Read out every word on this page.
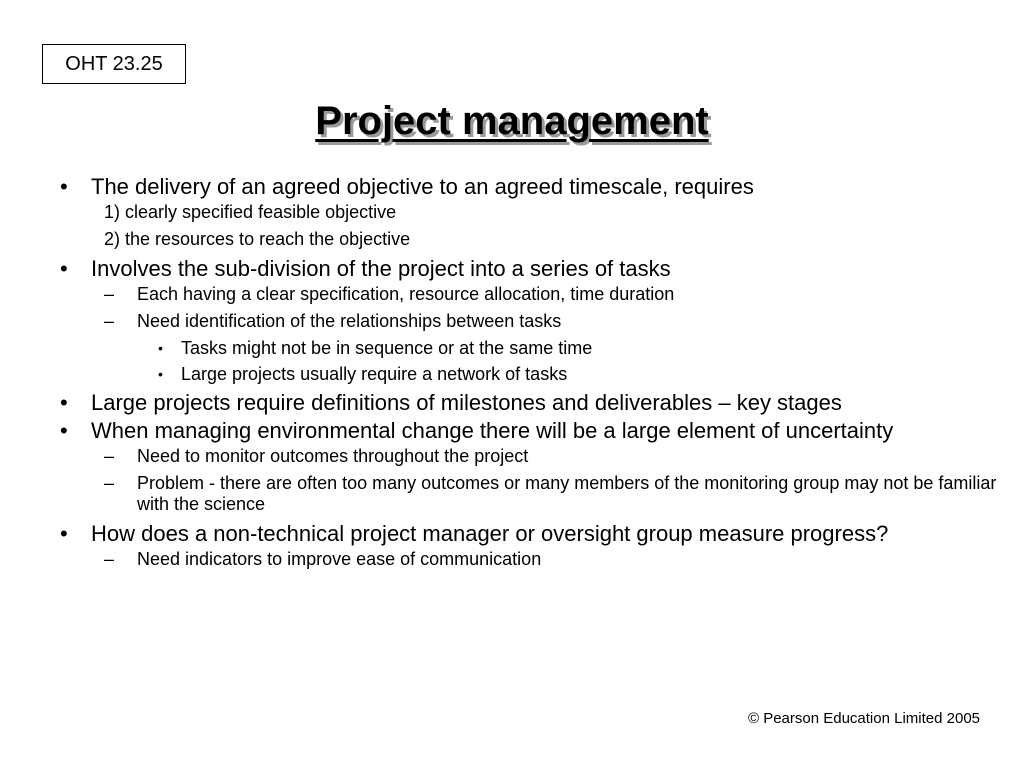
OHT 23.25
Project management
•
The delivery of an agreed objective to an agreed timescale, requires
1) clearly specified feasible objective
2) the resources to reach the objective
•
Involves the sub-division of the project into a series of tasks
–
Each having a clear specification, resource allocation, time duration
–
Need identification of the relationships between tasks
•
Tasks might not be in sequence or at the same time
•
Large projects usually require a network of tasks
•
Large projects require definitions of milestones and deliverables – key stages
•
When managing environmental change there will be a large element of uncertainty
–
Need to monitor outcomes throughout the project
–
Problem - there are often too many outcomes or many members of the monitoring group may not be familiar with the science
•
How does a non-technical project manager or oversight group measure progress?
–
Need indicators to improve ease of communication
© Pearson Education Limited 2005
